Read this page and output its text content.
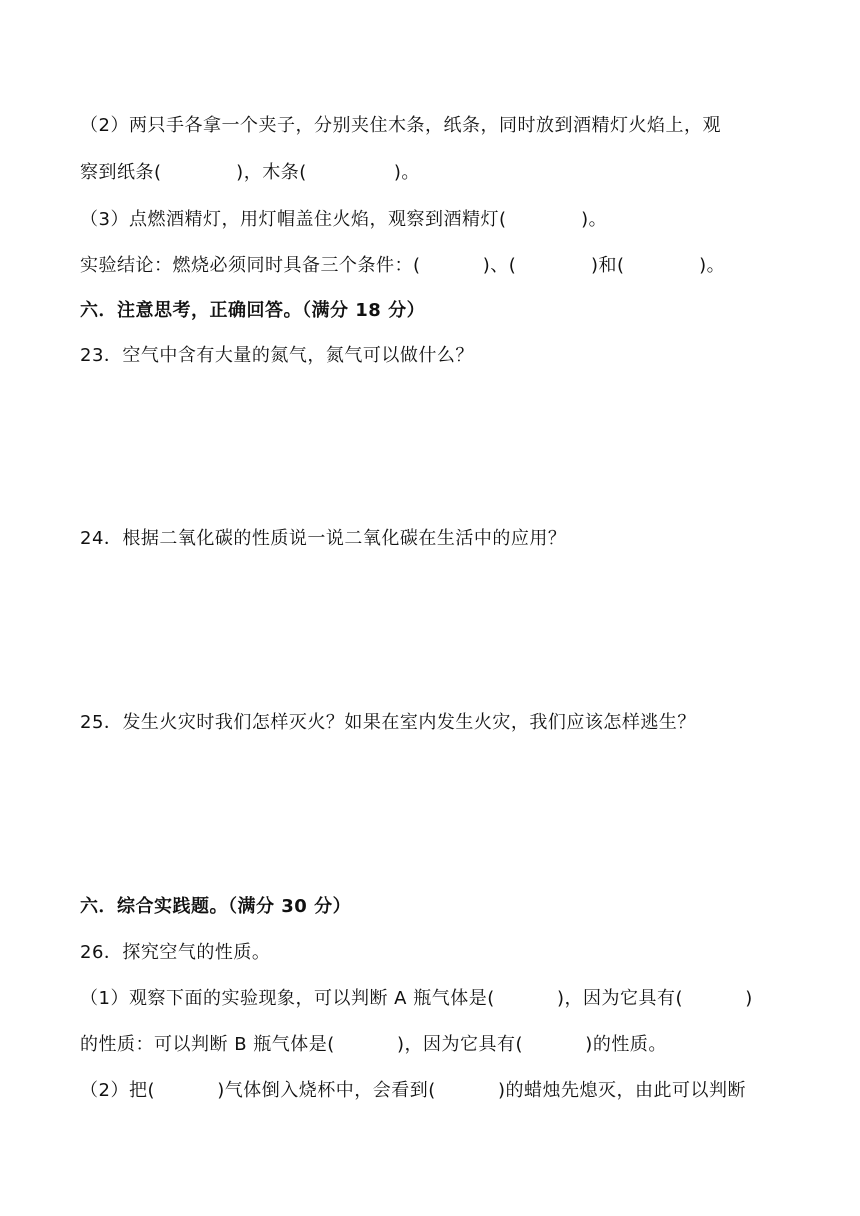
（2）两只手各拿一个夹子，分别夹住木条，纸条，同时放到酒精灯火焰上，观
察到纸条(            )，木条(              )。
（3）点燃酒精灯，用灯帽盖住火焰，观察到酒精灯(            )。
实验结论：燃烧必须同时具备三个条件：(          )、(            )和(            )。
六．注意思考，正确回答。（满分 18 分）
23．空气中含有大量的氮气，氮气可以做什么？
24．根据二氧化碳的性质说一说二氧化碳在生活中的应用？
25．发生火灾时我们怎样灭火？如果在室内发生火灾，我们应该怎样逃生？
六．综合实践题。（满分 30 分）
26．探究空气的性质。
（1）观察下面的实验现象，可以判断 A 瓶气体是(          )，因为它具有(          )
的性质：可以判断 B 瓶气体是(          )，因为它具有(          )的性质。
（2）把(          )气体倒入烧杯中，会看到(          )的蜡烛先熄灭，由此可以判断
